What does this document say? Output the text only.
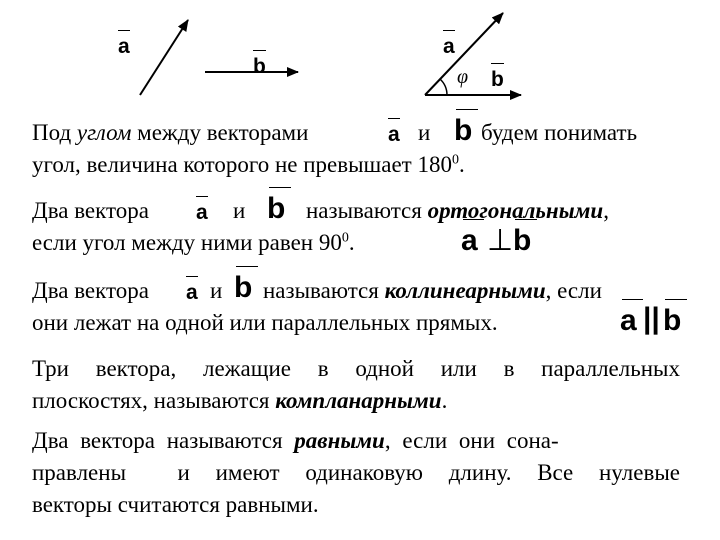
a
b
a
b
φ
Под углом между векторами	a и b будем понимать
угол, величина которого не превышает $180^0$.
Два вектора a и b называются ортогональными,
если угол между ними равен $90^0$.	a ⊥ b
Два вектора a и b называются коллинеарными, если
они лежат на одной или параллельных прямых.	a || b
Три вектора, лежащие в одной или в параллельных
плоскостях, называются компланарными.
Два вектора называются равными, если они сона-
правлены  и имеют одинаковую длину. Все нулевые
векторы считаются равными.
